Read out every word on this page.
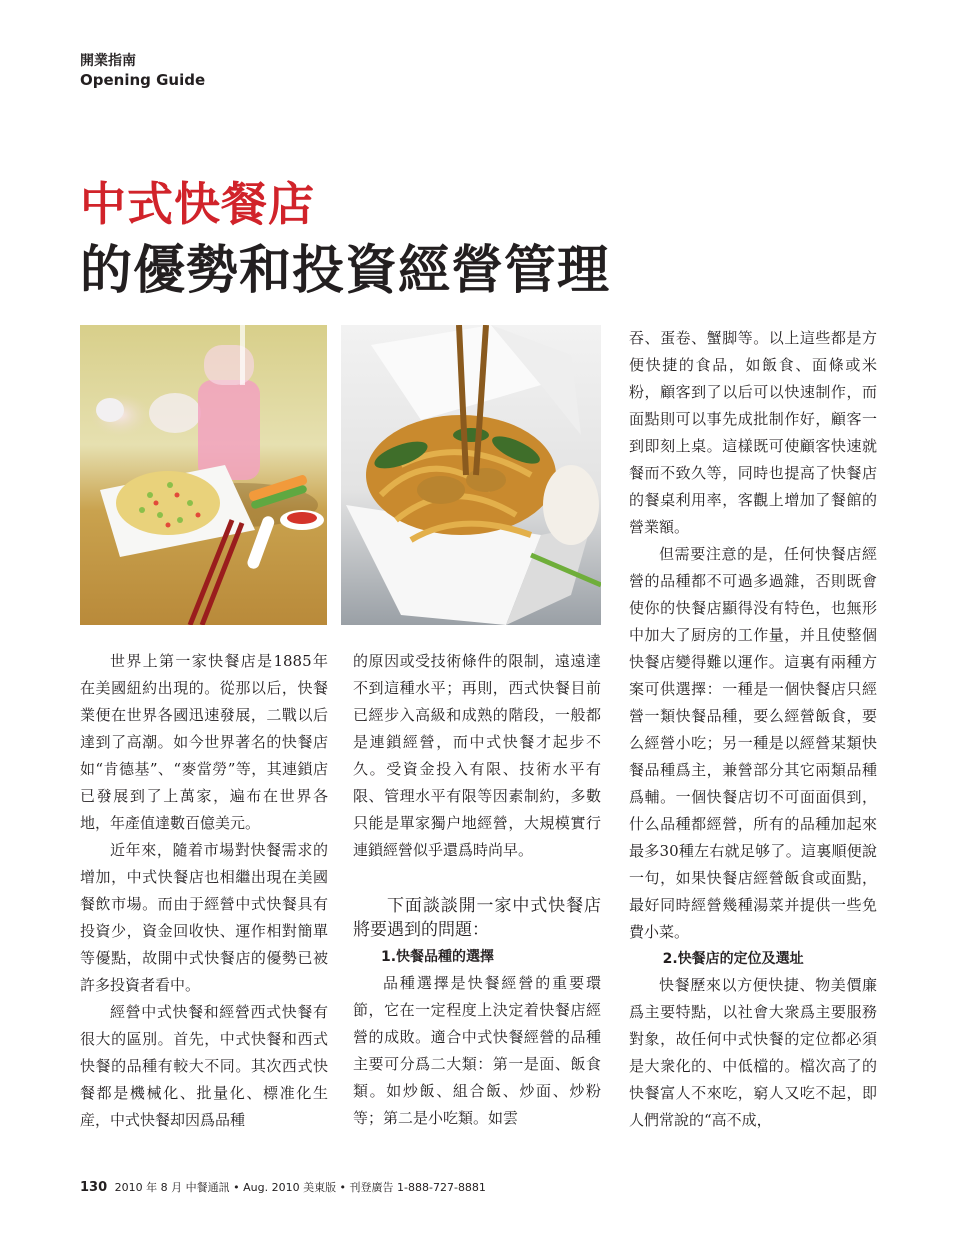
開業指南
Opening Guide
中式快餐店
的優勢和投資經營管理

世界上第一家快餐店是1885年在美國紐約出現的。從那以后，快餐業便在世界各國迅速發展，二戰以后達到了高潮。如今世界著名的快餐店如“肯德基”、“麥當勞”等，其連鎖店已發展到了上萬家，遍布在世界各地，年產值達數百億美元。

近年來，隨着市場對快餐需求的增加，中式快餐店也相繼出現在美國餐飲市場。而由于經營中式快餐具有投資少，資金回收快、運作相對簡單等優點，故開中式快餐店的優勢已被許多投資者看中。

經營中式快餐和經營西式快餐有很大的區別。首先，中式快餐和西式快餐的品種有較大不同。其次西式快餐都是機械化、批量化、標准化生産，中式快餐却因爲品種

的原因或受技術條件的限制，遠遠達不到這種水平；再則，西式快餐目前已經步入高級和成熟的階段，一般都是連鎖經營，而中式快餐才起步不久。受資金投入有限、技術水平有限、管理水平有限等因素制約，多數只能是單家獨户地經營，大規模實行連鎖經營似乎還爲時尚早。

下面談談開一家中式快餐店將要遇到的問題：
1.快餐品種的選擇

品種選擇是快餐經營的重要環節，它在一定程度上決定着快餐店經營的成敗。適合中式快餐經營的品種主要可分爲二大類：第一是面、飯食類。如炒飯、組合飯、炒面、炒粉等；第二是小吃類。如雲

吞、蛋卷、蟹脚等。以上這些都是方便快捷的食品，如飯食、面條或米粉，顧客到了以后可以快速制作，而面點則可以事先成批制作好，顧客一到即刻上桌。這樣既可使顧客快速就餐而不致久等，同時也提高了快餐店的餐桌利用率，客觀上增加了餐館的營業額。

但需要注意的是，任何快餐店經營的品種都不可過多過雜，否則既會使你的快餐店顯得没有特色，也無形中加大了厨房的工作量，并且使整個快餐店變得難以運作。這裏有兩種方案可供選擇：一種是一個快餐店只經營一類快餐品種，要么經營飯食，要么經營小吃；另一種是以經營某類快餐品種爲主，兼營部分其它兩類品種爲輔。一個快餐店切不可面面俱到，什么品種都經營，所有的品種加起來最多30種左右就足够了。這裏順便說一句，如果快餐店經營飯食或面點，最好同時經營幾種湯菜并提供一些免費小菜。

2.快餐店的定位及選址

快餐歷來以方便快捷、物美價廉爲主要特點，以社會大衆爲主要服務對象，故任何中式快餐的定位都必須是大衆化的、中低檔的。檔次高了的快餐富人不來吃，窮人又吃不起，即人們常說的“高不成，

130 2010 年 8 月 中餐通訊 • Aug. 2010 美東版 • 刊登廣告 1-888-727-8881
